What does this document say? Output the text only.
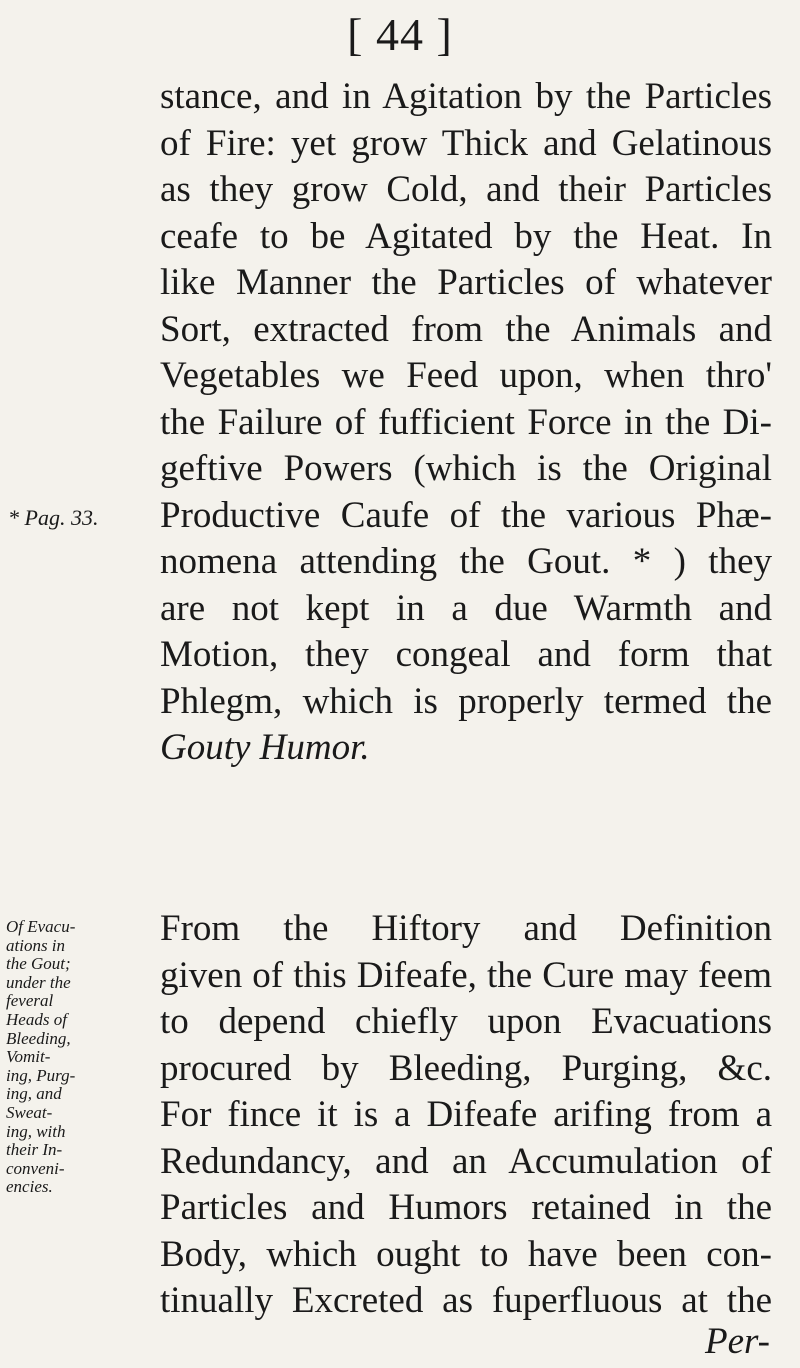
[ 44 ]
stance, and in Agitation by the Particles
of Fire: yet grow Thick and Gelatinous
as they grow Cold, and their Particles
ceafe to be Agitated by the Heat. In
like Manner the Particles of whatever
Sort, extracted from the Animals and
Vegetables we Feed upon, when thro'
the Failure of fufficient Force in the Di-
geftive Powers (which is the Original
Productive Caufe of the various Phæ-
nomena attending the Gout. * ) they
are not kept in a due Warmth and
Motion, they congeal and form that
Phlegm, which is properly termed the
Gouty Humor.
* Pag. 33.
Of Evacu-
ations in
the Gout;
under the
feveral
Heads of
Bleeding,
Vomit-
ing, Purg-
ing, and
Sweat-
ing, with
their In-
conveni-
encies.
From the Hiftory and Definition
given of this Difeafe, the Cure may feem
to depend chiefly upon Evacuations
procured by Bleeding, Purging, &c.
For fince it is a Difeafe arifing from a
Redundancy, and an Accumulation of
Particles and Humors retained in the
Body, which ought to have been con-
tinually Excreted as fuperfluous at the
Per-
